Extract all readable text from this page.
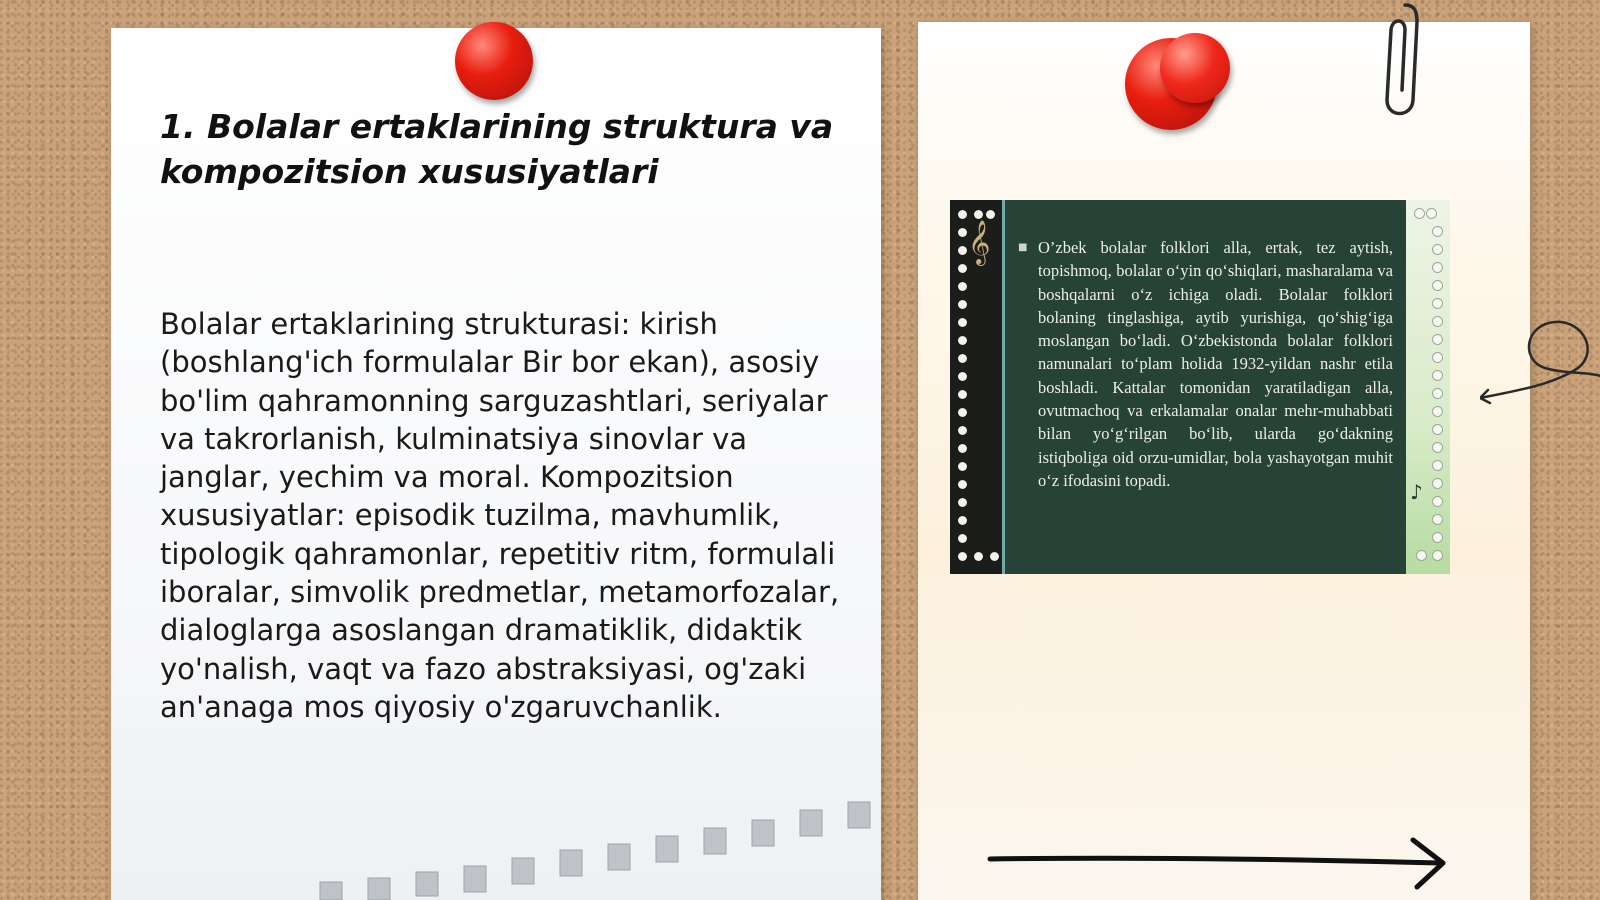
1. Bolalar ertaklarining struktura va kompozitsion xususiyatlari

Bolalar ertaklarining strukturasi: kirish (boshlang'ich formulalar Bir bor ekan), asosiy bo'lim qahramonning sarguzashtlari, seriyalar va takrorlanish, kulminatsiya sinovlar va janglar, yechim va moral. Kompozitsion xususiyatlar: episodik tuzilma, mavhumlik, tipologik qahramonlar, repetitiv ritm, formulali iboralar, simvolik predmetlar, metamorfozalar, dialoglarga asoslangan dramatiklik, didaktik yo'nalish, vaqt va fazo abstraksiyasi, og'zaki an'anaga mos qiyosiy o'zgaruvchanlik.

𝄞	■ O’zbek bolalar folklori alla, ertak, tez aytish, topishmoq, bolalar o‘yin qo‘shiqlari, masharalama va boshqalarni o‘z ichiga oladi. Bolalar folklori bolaning tinglashiga, aytib yurishiga, qo‘shig‘iga moslangan bo‘ladi. O‘zbekistonda bolalar folklori namunalari to‘plam holida 1932-yildan nashr etila boshladi. Kattalar tomonidan yaratiladigan alla, ovutmachoq va erkalamalar onalar mehr-muhabbati bilan yo‘g‘rilgan bo‘lib, ularda go‘dakning istiqboliga oid orzu-umidlar, bola yashayotgan muhit o‘z ifodasini topadi.	♪
